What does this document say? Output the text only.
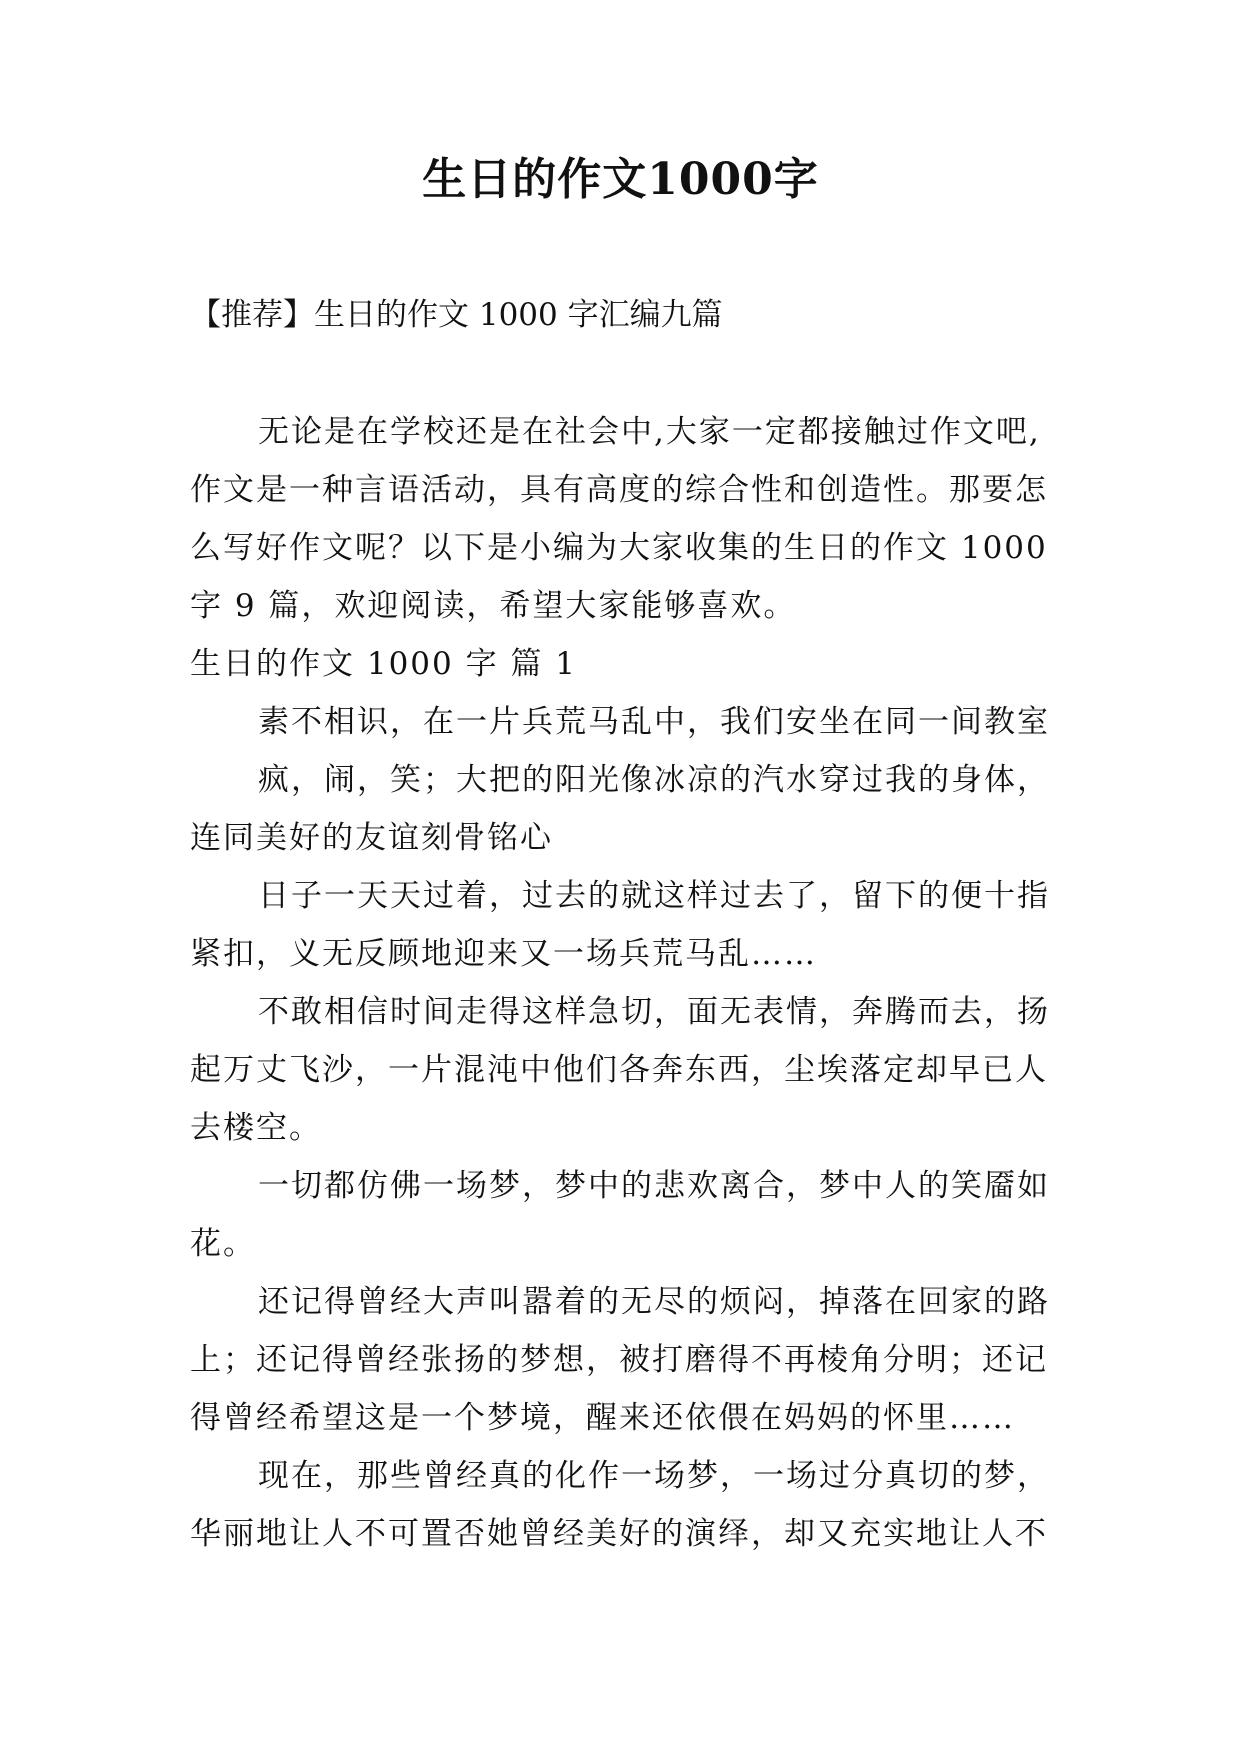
生日的作文1000字
【推荐】生日的作文 1000 字汇编九篇
无论是在学校还是在社会中,大家一定都接触过作文吧,
作文是一种言语活动，具有高度的综合性和创造性。那要怎
么写好作文呢？以下是小编为大家收集的生日的作文 1000
字 9 篇，欢迎阅读，希望大家能够喜欢。
生日的作文 1000 字 篇 1
素不相识，在一片兵荒马乱中，我们安坐在同一间教室
疯，闹，笑；大把的阳光像冰凉的汽水穿过我的身体，
连同美好的友谊刻骨铭心
日子一天天过着，过去的就这样过去了，留下的便十指
紧扣，义无反顾地迎来又一场兵荒马乱……
不敢相信时间走得这样急切，面无表情，奔腾而去，扬
起万丈飞沙，一片混沌中他们各奔东西，尘埃落定却早已人
去楼空。
一切都仿佛一场梦，梦中的悲欢离合，梦中人的笑靥如
花。
还记得曾经大声叫嚣着的无尽的烦闷，掉落在回家的路
上；还记得曾经张扬的梦想，被打磨得不再棱角分明；还记
得曾经希望这是一个梦境，醒来还依偎在妈妈的怀里……
现在，那些曾经真的化作一场梦，一场过分真切的梦，
华丽地让人不可置否她曾经美好的演绎，却又充实地让人不
